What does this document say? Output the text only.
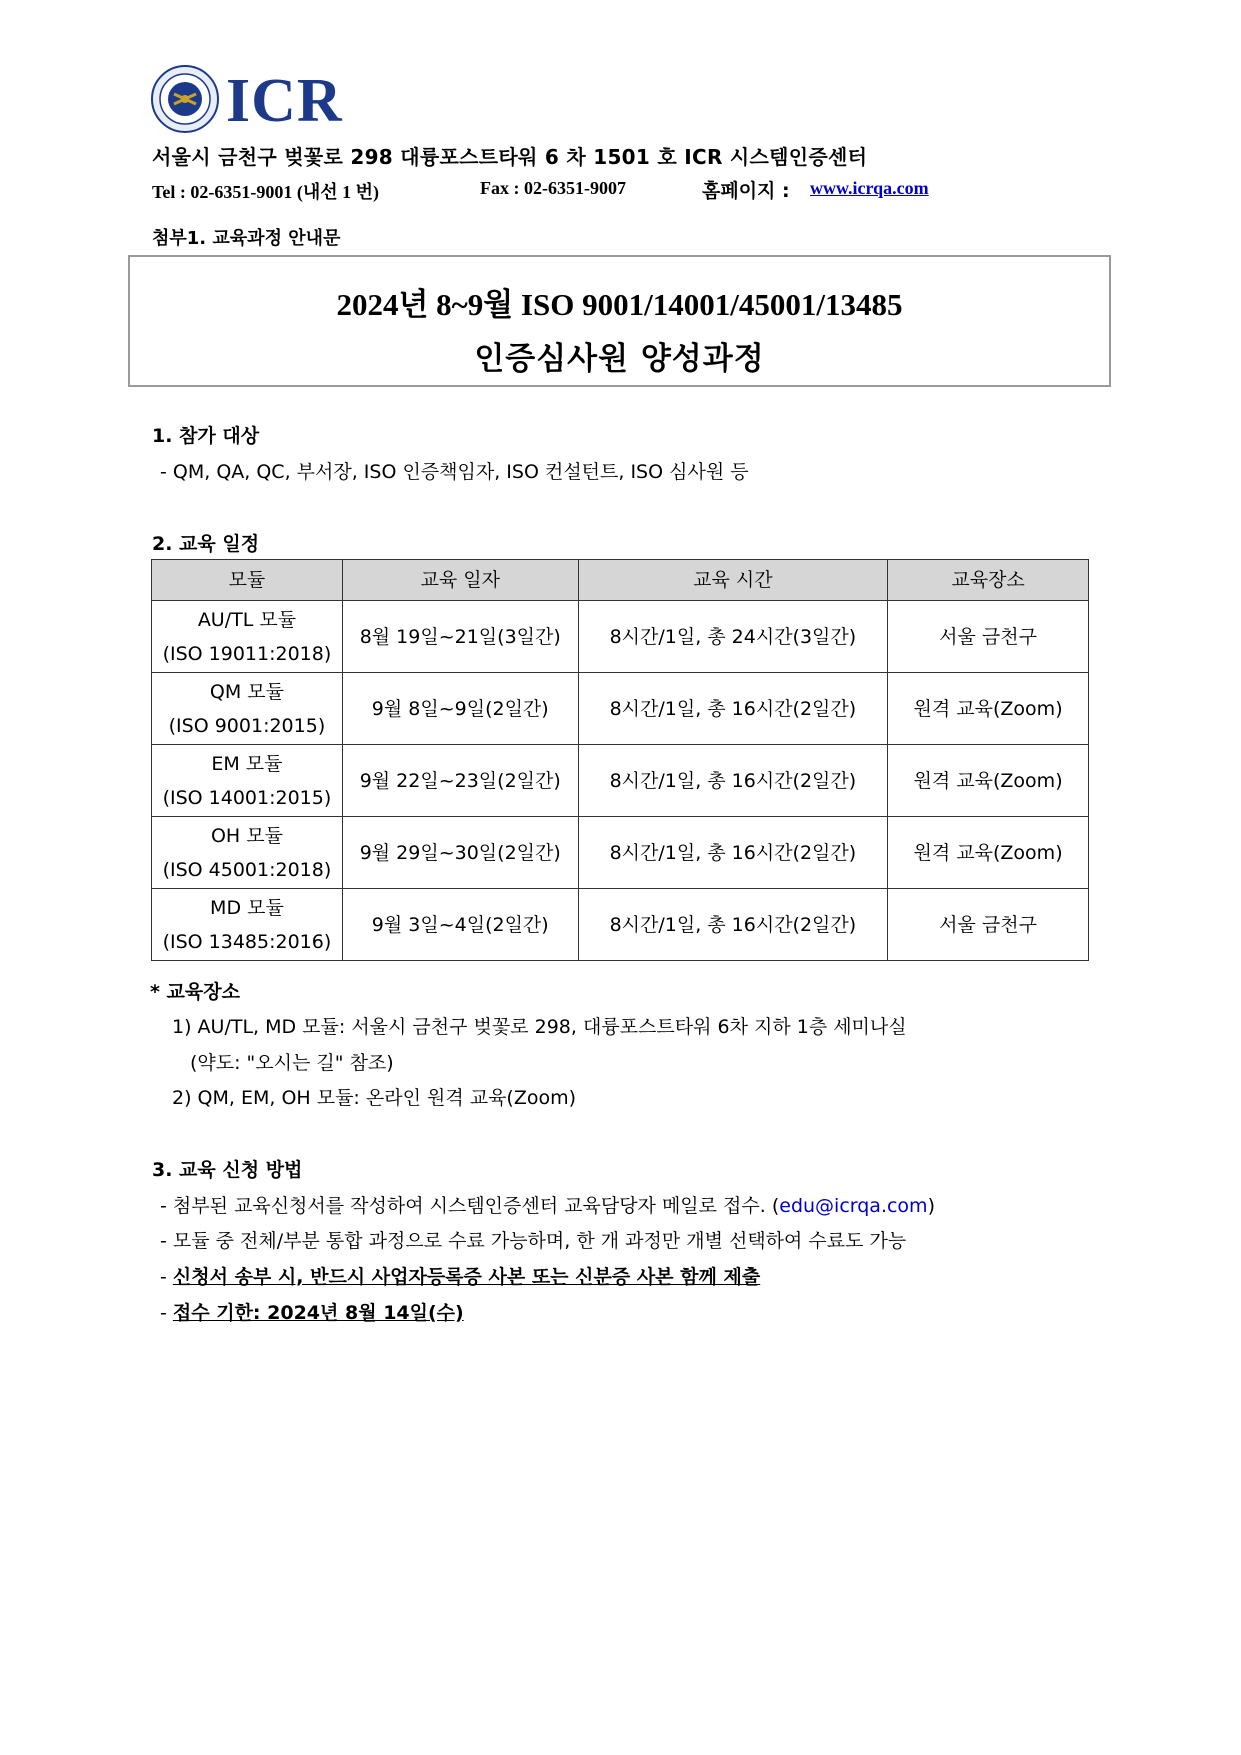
ICR
서울시 금천구 벚꽃로 298 대륭포스트타워 6 차 1501 호 ICR 시스템인증센터
Tel : 02-6351-9001 (내선 1 번)	Fax : 02-6351-9007	홈페이지 : www.icrqa.com
첨부1. 교육과정 안내문
2024년 8~9월 ISO 9001/14001/45001/13485
인증심사원 양성과정
1. 참가 대상
- QM, QA, QC, 부서장, ISO 인증책임자, ISO 컨설턴트, ISO 심사원 등
2. 교육 일정
모듈	교육 일자	교육 시간	교육장소
AU/TL 모듈
(ISO 19011:2018)	8월 19일~21일(3일간)	8시간/1일, 총 24시간(3일간)	서울 금천구
QM 모듈
(ISO 9001:2015)	9월 8일~9일(2일간)	8시간/1일, 총 16시간(2일간)	원격 교육(Zoom)
EM 모듈
(ISO 14001:2015)	9월 22일~23일(2일간)	8시간/1일, 총 16시간(2일간)	원격 교육(Zoom)
OH 모듈
(ISO 45001:2018)	9월 29일~30일(2일간)	8시간/1일, 총 16시간(2일간)	원격 교육(Zoom)
MD 모듈
(ISO 13485:2016)	9월 3일~4일(2일간)	8시간/1일, 총 16시간(2일간)	서울 금천구
* 교육장소
1) AU/TL, MD 모듈: 서울시 금천구 벚꽃로 298, 대륭포스트타워 6차 지하 1층 세미나실
(약도: "오시는 길" 참조)
2) QM, EM, OH 모듈: 온라인 원격 교육(Zoom)
3. 교육 신청 방법
- 첨부된 교육신청서를 작성하여 시스템인증센터 교육담당자 메일로 접수. (edu@icrqa.com)
- 모듈 중 전체/부분 통합 과정으로 수료 가능하며, 한 개 과정만 개별 선택하여 수료도 가능
- 신청서 송부 시, 반드시 사업자등록증 사본 또는 신분증 사본 함께 제출
- 접수 기한: 2024년 8월 14일(수)
